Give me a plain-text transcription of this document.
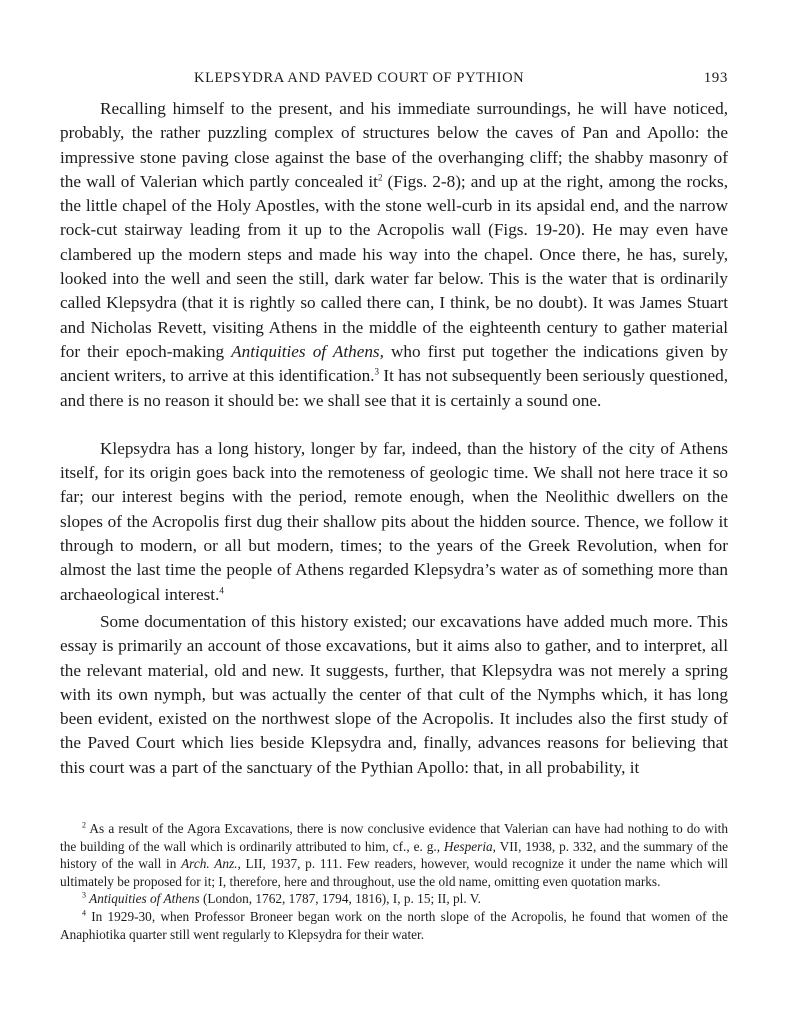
KLEPSYDRA AND PAVED COURT OF PYTHION	193

Recalling himself to the present, and his immediate surroundings, he will have noticed, probably, the rather puzzling complex of structures below the caves of Pan and Apollo: the impressive stone paving close against the base of the overhanging cliff; the shabby masonry of the wall of Valerian which partly concealed $it^2$ (Figs. 2-8); and up at the right, among the rocks, the little chapel of the Holy Apostles, with the stone well-curb in its apsidal end, and the narrow rock-cut stairway leading from it up to the Acropolis wall (Figs. 19-20). He may even have clambered up the modern steps and made his way into the chapel. Once there, he has, surely, looked into the well and seen the still, dark water far below. This is the water that is ordinarily called Klepsydra (that it is rightly so called there can, I think, be no doubt). It was James Stuart and Nicholas Revett, visiting Athens in the middle of the eighteenth century to gather material for their epoch-making Antiquities of Athens, who first put together the indications given by ancient writers, to arrive at this identification.$^3$ It has not subsequently been seriously questioned, and there is no reason it should be: we shall see that it is certainly a sound one.

Klepsydra has a long history, longer by far, indeed, than the history of the city of Athens itself, for its origin goes back into the remoteness of geologic time. We shall not here trace it so far; our interest begins with the period, remote enough, when the Neolithic dwellers on the slopes of the Acropolis first dug their shallow pits about the hidden source. Thence, we follow it through to modern, or all but modern, times; to the years of the Greek Revolution, when for almost the last time the people of Athens regarded Klepsydra’s water as of something more than archaeological interest.$^4$

Some documentation of this history existed; our excavations have added much more. This essay is primarily an account of those excavations, but it aims also to gather, and to interpret, all the relevant material, old and new. It suggests, further, that Klepsydra was not merely a spring with its own nymph, but was actually the center of that cult of the Nymphs which, it has long been evident, existed on the northwest slope of the Acropolis. It includes also the first study of the Paved Court which lies beside Klepsydra and, finally, advances reasons for believing that this court was a part of the sanctuary of the Pythian Apollo: that, in all probability, it

$^2$ As a result of the Agora Excavations, there is now conclusive evidence that Valerian can have had nothing to do with the building of the wall which is ordinarily attributed to him, cf., e. g., Hesperia, VII, 1938, p. 332, and the summary of the history of the wall in Arch. Anz., LII, 1937, p. 111. Few readers, however, would recognize it under the name which will ultimately be proposed for it; I, therefore, here and throughout, use the old name, omitting even quotation marks.

$^3$ Antiquities of Athens (London, 1762, 1787, 1794, 1816), I, p. 15; II, pl. V.

$^4$ In 1929-30, when Professor Broneer began work on the north slope of the Acropolis, he found that women of the Anaphiotika quarter still went regularly to Klepsydra for their water.
